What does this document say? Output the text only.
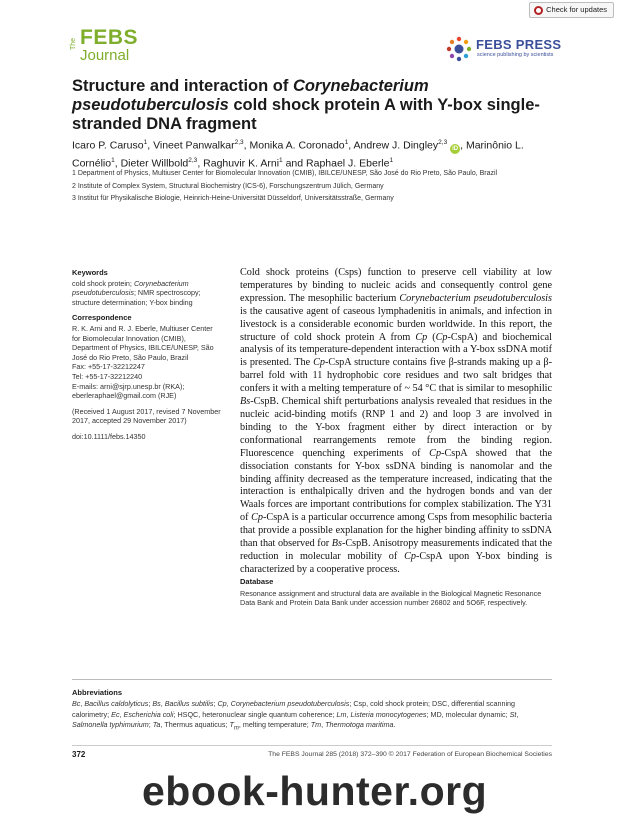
Check for updates
The FEBS
Journal
FEBS PRESS
science publishing by scientists
Structure and interaction of Corynebacterium pseudotuberculosis cold shock protein A with Y-box single-stranded DNA fragment
Icaro P. Caruso$^1$, Vineet Panwalkar$^{2,3}$, Monika A. Coronado$^1$, Andrew J. Dingley$^{2,3}$ iD , Marinônio L. Cornélio$^1$, Dieter Willbold$^{2,3}$, Raghuvir K. Arni$^1$ and Raphael J. Eberle$^1$
1 Department of Physics, Multiuser Center for Biomolecular Innovation (CMIB), IBILCE/UNESP, São José do Rio Preto, São Paulo, Brazil
2 Institute of Complex System, Structural Biochemistry (ICS-6), Forschungszentrum Jülich, Germany
3 Institut für Physikalische Biologie, Heinrich-Heine-Universität Düsseldorf, Universitätsstraße, Germany
Keywords
cold shock protein; Corynebacterium pseudotuberculosis; NMR spectroscopy; structure determination; Y-box binding
Correspondence
R. K. Arni and R. J. Eberle, Multiuser Center for Biomolecular Innovation (CMIB), Department of Physics, IBILCE/UNESP, São José do Rio Preto, São Paulo, Brazil
Fax: +55-17-32212247
Tel: +55-17-32212240
E-mails: arni@sjrp.unesp.br (RKA); eberleraphael@gmail.com (RJE)
(Received 1 August 2017, revised 7 November 2017, accepted 29 November 2017)
doi:10.1111/febs.14350

Cold shock proteins (Csps) function to preserve cell viability at low temperatures by binding to nucleic acids and consequently control gene expression. The mesophilic bacterium Corynebacterium pseudotuberculosis is the causative agent of caseous lymphadenitis in animals, and infection in livestock is a considerable economic burden worldwide. In this report, the structure of cold shock protein A from Cp (Cp-CspA) and biochemical analysis of its temperature-dependent interaction with a Y-box ssDNA motif is presented. The Cp-CspA structure contains five β-strands making up a β-barrel fold with 11 hydrophobic core residues and two salt bridges that confers it with a melting temperature of ~ 54 °C that is similar to mesophilic Bs-CspB. Chemical shift perturbations analysis revealed that residues in the nucleic acid-binding motifs (RNP 1 and 2) and loop 3 are involved in binding to the Y-box fragment either by direct interaction or by conformational rearrangements remote from the binding region. Fluorescence quenching experiments of Cp-CspA showed that the dissociation constants for Y-box ssDNA binding is nanomolar and the binding affinity decreased as the temperature increased, indicating that the interaction is enthalpically driven and the hydrogen bonds and van der Waals forces are important contributions for complex stabilization. The Y31 of Cp-CspA is a particular occurrence among Csps from mesophilic bacteria that provide a possible explanation for the higher binding affinity to ssDNA than that observed for Bs-CspB. Anisotropy measurements indicated that the reduction in molecular mobility of Cp-CspA upon Y-box binding is characterized by a cooperative process.

Database
Resonance assignment and structural data are available in the Biological Magnetic Resonance Data Bank and Protein Data Bank under accession number 26802 and 5O6F, respectively.
Abbreviations
Bc, Bacillus caldolyticus; Bs, Bacillus subtilis; Cp, Corynebacterium pseudotuberculosis; Csp, cold shock protein; DSC, differential scanning calorimetry; Ec, Escherichia coli; HSQC, heteronuclear single quantum coherence; Lm, Listeria monocytogenes; MD, molecular dynamic; St, Salmonella typhimurium; Ta, Thermus aquaticus; $T_m$, melting temperature; Tm, Thermotoga maritima.
372	The FEBS Journal 285 (2018) 372–390 © 2017 Federation of European Biochemical Societies
ebook-hunter.org
